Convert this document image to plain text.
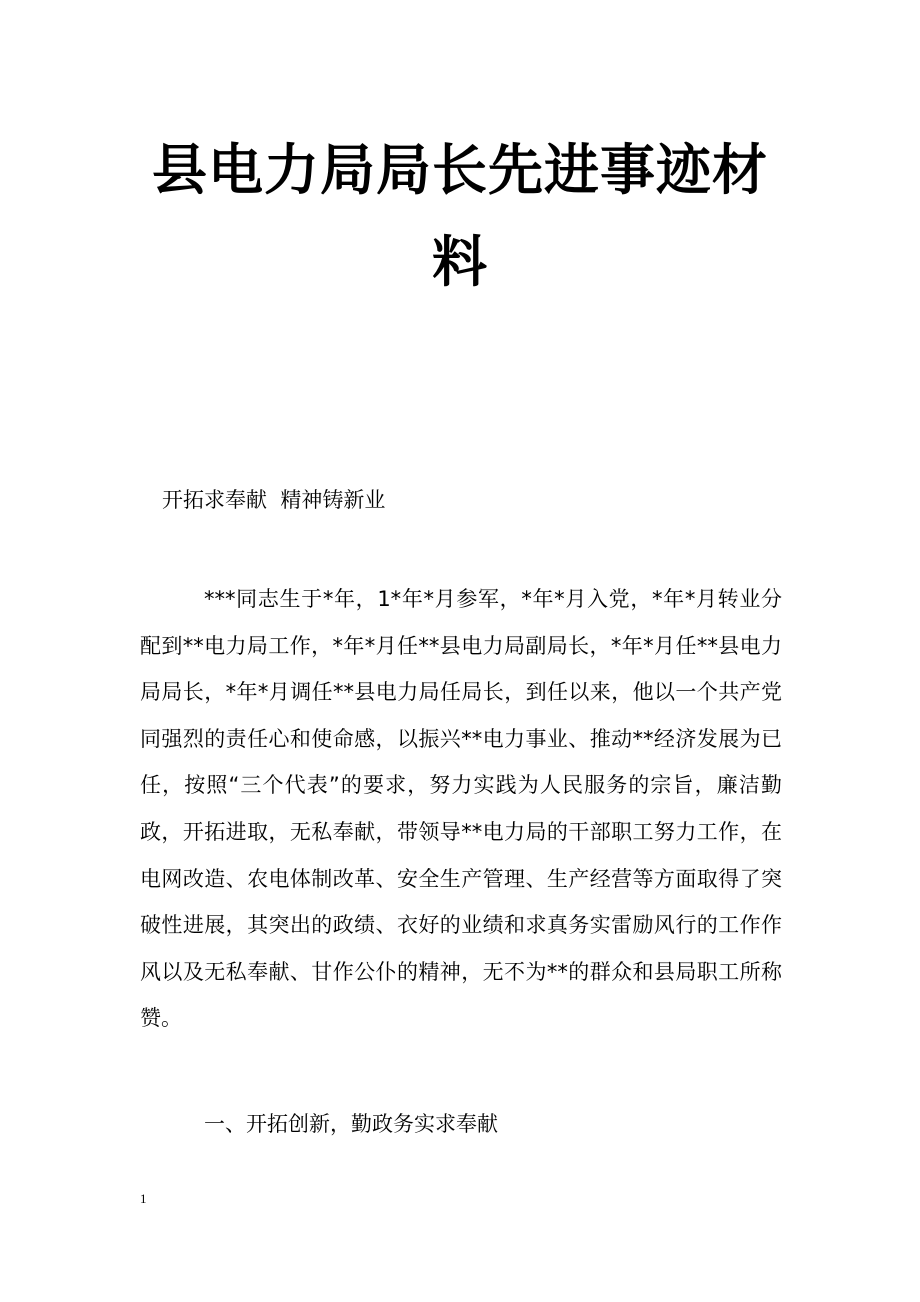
县电力局局长先进事迹材料

开拓求奉献  精神铸新业

***同志生于*年，1*年*月参军，*年*月入党，*年*月转业分配到**电力局工作，*年*月任**县电力局副局长，*年*月任**县电力局局长，*年*月调任**县电力局任局长，到任以来，他以一个共产党同强烈的责任心和使命感，以振兴**电力事业、推动**经济发展为已任，按照“三个代表”的要求，努力实践为人民服务的宗旨，廉洁勤政，开拓进取，无私奉献，带领导**电力局的干部职工努力工作，在电网改造、农电体制改革、安全生产管理、生产经营等方面取得了突破性进展，其突出的政绩、衣好的业绩和求真务实雷励风行的工作作风以及无私奉献、甘作公仆的精神，无不为**的群众和县局职工所称赞。

一、开拓创新，勤政务实求奉献

1
